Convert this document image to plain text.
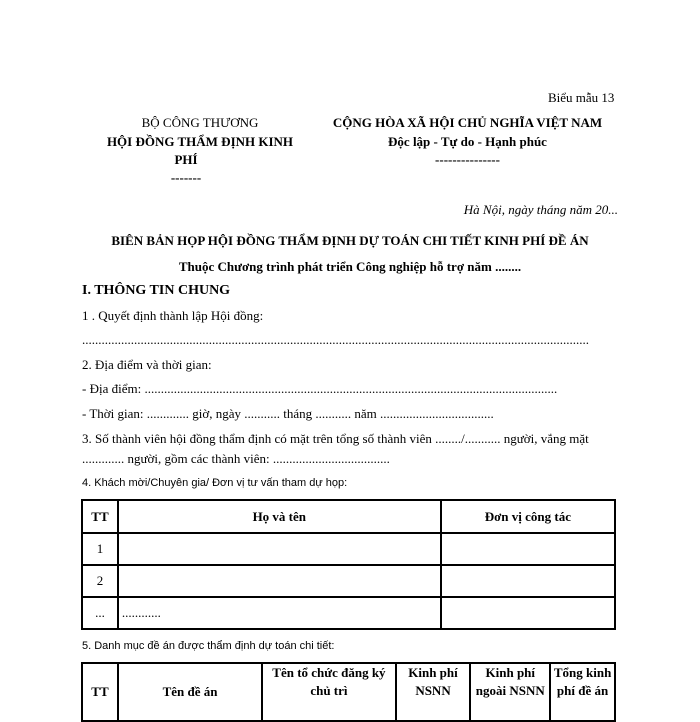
Biểu mẫu 13
BỘ CÔNG THƯƠNG
HỘI ĐỒNG THẨM ĐỊNH KINH
PHÍ
-------
CỘNG HÒA XÃ HỘI CHỦ NGHĨA VIỆT NAM
Độc lập - Tự do - Hạnh phúc
---------------
Hà Nội, ngày tháng năm 20...
BIÊN BẢN HỌP HỘI ĐỒNG THẨM ĐỊNH DỰ TOÁN CHI TIẾT KINH PHÍ ĐỀ ÁN
Thuộc Chương trình phát triển Công nghiệp hỗ trợ năm ........
I. THÔNG TIN CHUNG
1 . Quyết định thành lập Hội đồng:
............................................................................................................................................................
2. Địa điểm và thời gian:
- Địa điểm: ...............................................................................................................................
- Thời gian: ............. giờ, ngày ........... tháng ........... năm ...................................
3. Số thành viên hội đồng thẩm định có mặt trên tổng số thành viên ......../........... người, vắng mặt
............. người, gồm các thành viên: ....................................
4. Khách mời/Chuyên gia/ Đơn vị tư vấn tham dự họp:
TT	Họ và tên	Đơn vị công tác
1		
2		
...	............	
5. Danh mục đề án được thẩm định dự toán chi tiết:
TT	Tên đề án	Tên tổ chức đăng ký chủ trì	Kinh phí NSNN	Kinh phí ngoài NSNN	Tổng kinh phí đề án
